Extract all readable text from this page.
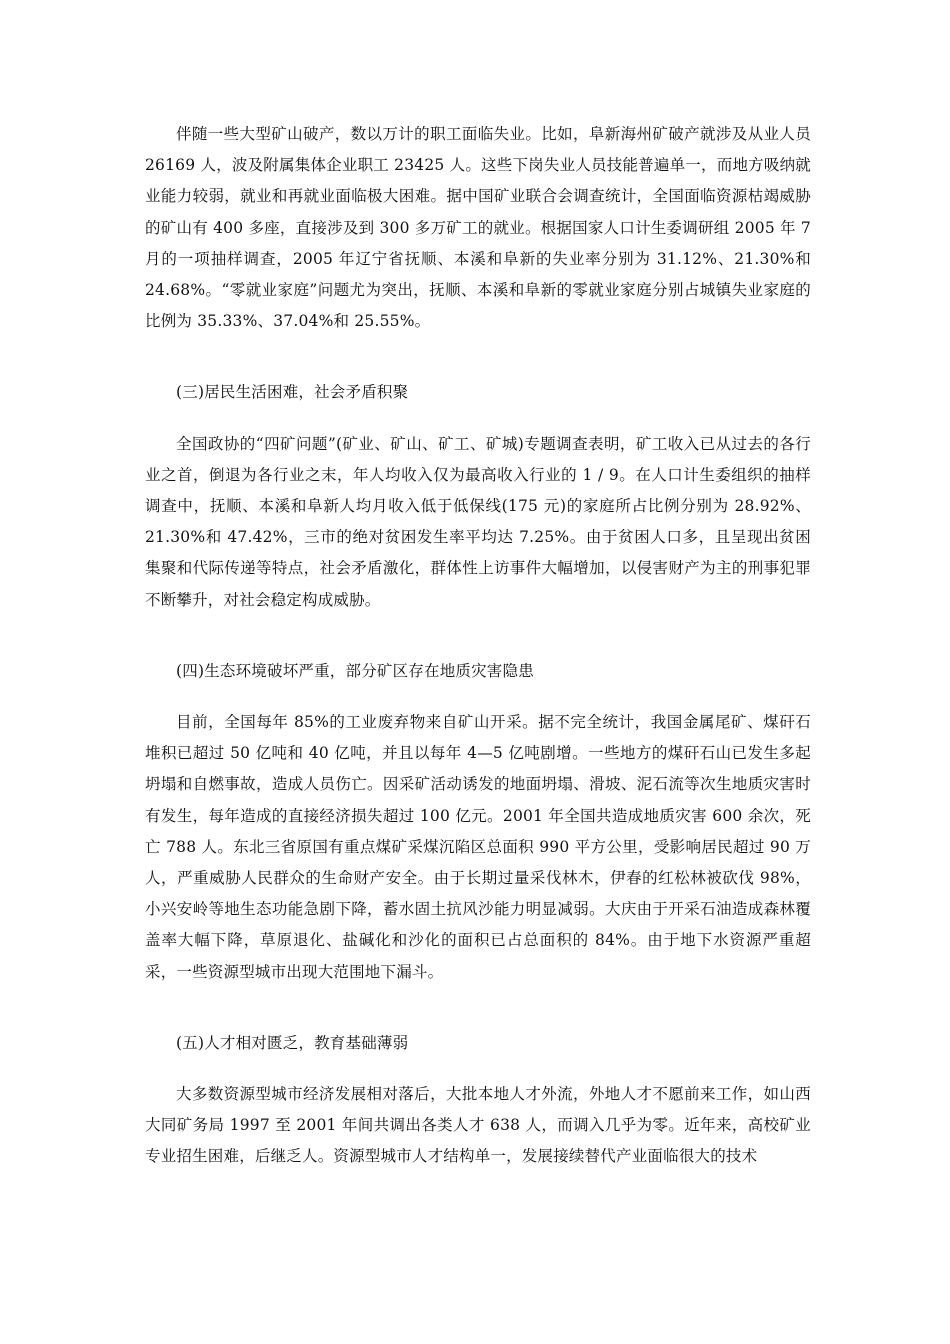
伴随一些大型矿山破产，数以万计的职工面临失业。比如，阜新海州矿破产就涉及从业人员 26169 人，波及附属集体企业职工 23425 人。这些下岗失业人员技能普遍单一，而地方吸纳就业能力较弱，就业和再就业面临极大困难。据中国矿业联合会调查统计，全国面临资源枯竭威胁的矿山有 400 多座，直接涉及到 300 多万矿工的就业。根据国家人口计生委调研组 2005 年 7 月的一项抽样调查，2005 年辽宁省抚顺、本溪和阜新的失业率分别为 31.12%、21.30%和 24.68%。“零就业家庭”问题尤为突出，抚顺、本溪和阜新的零就业家庭分别占城镇失业家庭的比例为 35.33%、37.04%和 25.55%。

(三)居民生活困难，社会矛盾积聚

全国政协的“四矿问题”(矿业、矿山、矿工、矿城)专题调查表明，矿工收入已从过去的各行业之首，倒退为各行业之末，年人均收入仅为最高收入行业的 1 / 9。在人口计生委组织的抽样调查中，抚顺、本溪和阜新人均月收入低于低保线(175 元)的家庭所占比例分别为 28.92%、21.30%和 47.42%，三市的绝对贫困发生率平均达 7.25%。由于贫困人口多，且呈现出贫困集聚和代际传递等特点，社会矛盾激化，群体性上访事件大幅增加，以侵害财产为主的刑事犯罪不断攀升，对社会稳定构成威胁。

(四)生态环境破坏严重，部分矿区存在地质灾害隐患

目前，全国每年 85%的工业废弃物来自矿山开采。据不完全统计，我国金属尾矿、煤矸石堆积已超过 50 亿吨和 40 亿吨，并且以每年 4—5 亿吨剧增。一些地方的煤矸石山已发生多起坍塌和自燃事故，造成人员伤亡。因采矿活动诱发的地面坍塌、滑坡、泥石流等次生地质灾害时有发生，每年造成的直接经济损失超过 100 亿元。2001 年全国共造成地质灾害 600 余次，死亡 788 人。东北三省原国有重点煤矿采煤沉陷区总面积 990 平方公里，受影响居民超过 90 万人，严重威胁人民群众的生命财产安全。由于长期过量采伐林木，伊春的红松林被砍伐 98%，小兴安岭等地生态功能急剧下降，蓄水固土抗风沙能力明显减弱。大庆由于开采石油造成森林覆盖率大幅下降，草原退化、盐碱化和沙化的面积已占总面积的 84%。由于地下水资源严重超采，一些资源型城市出现大范围地下漏斗。

(五)人才相对匮乏，教育基础薄弱

大多数资源型城市经济发展相对落后，大批本地人才外流，外地人才不愿前来工作，如山西大同矿务局 1997 至 2001 年间共调出各类人才 638 人，而调入几乎为零。近年来，高校矿业专业招生困难，后继乏人。资源型城市人才结构单一，发展接续替代产业面临很大的技术
